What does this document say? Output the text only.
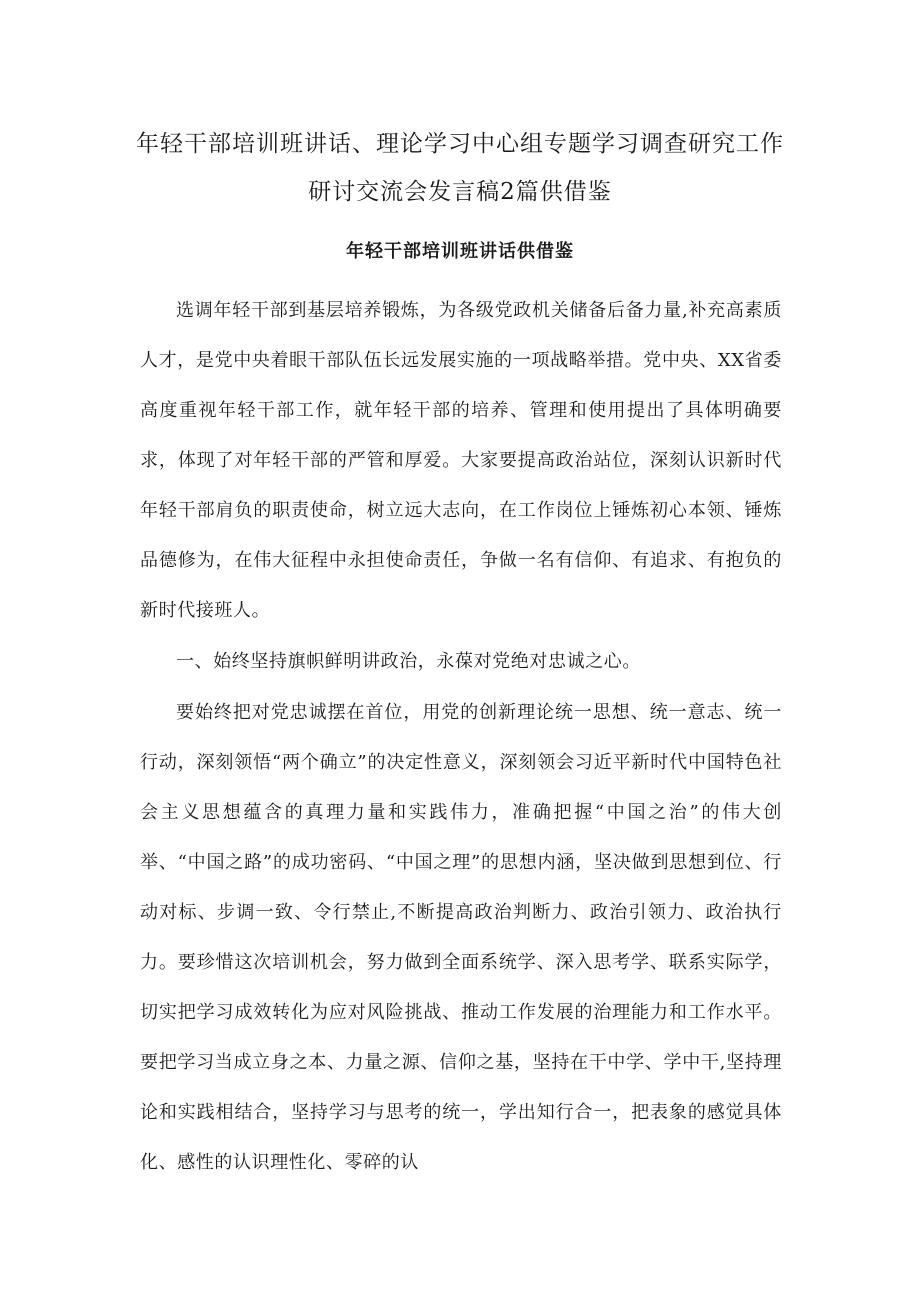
年轻干部培训班讲话、理论学习中心组专题学习调查研究工作研讨交流会发言稿2篇供借鉴
年轻干部培训班讲话供借鉴

选调年轻干部到基层培养锻炼，为各级党政机关储备后备力量,补充高素质人才，是党中央着眼干部队伍长远发展实施的一项战略举措。党中央、XX省委高度重视年轻干部工作，就年轻干部的培养、管理和使用提出了具体明确要求，体现了对年轻干部的严管和厚爱。大家要提高政治站位，深刻认识新时代年轻干部肩负的职责使命，树立远大志向，在工作岗位上锤炼初心本领、锤炼品德修为，在伟大征程中永担使命责任，争做一名有信仰、有追求、有抱负的新时代接班人。

一、始终坚持旗帜鲜明讲政治，永葆对党绝对忠诚之心。

要始终把对党忠诚摆在首位，用党的创新理论统一思想、统一意志、统一行动，深刻领悟“两个确立”的决定性意义，深刻领会习近平新时代中国特色社会主义思想蕴含的真理力量和实践伟力，准确把握“中国之治”的伟大创举、“中国之路”的成功密码、“中国之理”的思想内涵，坚决做到思想到位、行动对标、步调一致、令行禁止,不断提高政治判断力、政治引领力、政治执行力。要珍惜这次培训机会，努力做到全面系统学、深入思考学、联系实际学，切实把学习成效转化为应对风险挑战、推动工作发展的治理能力和工作水平。要把学习当成立身之本、力量之源、信仰之基，坚持在干中学、学中干,坚持理论和实践相结合，坚持学习与思考的统一，学出知行合一，把表象的感觉具体化、感性的认识理性化、零碎的认
